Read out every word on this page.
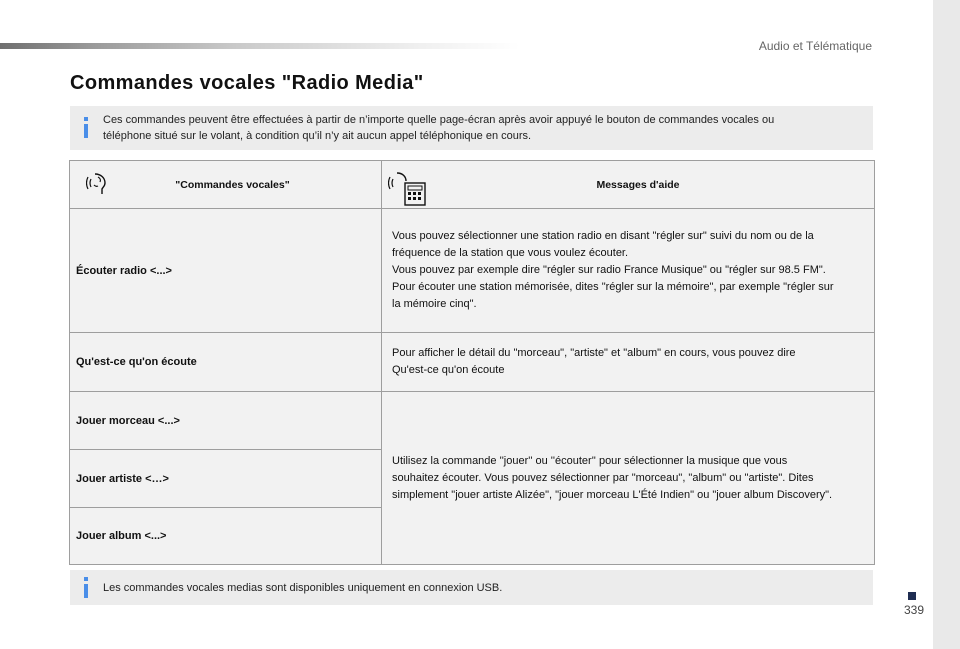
Audio et Télématique
Commandes vocales "Radio Media"
Ces commandes peuvent être effectuées à partir de n’importe quelle page-écran après avoir appuyé le bouton de commandes vocales ou
téléphone situé sur le volant, à condition qu’il n’y ait aucun appel téléphonique en cours.
"Commandes vocales"	Messages d'aide

Écouter radio <...>	Vous pouvez sélectionner une station radio en disant "régler sur" suivi du nom ou de la
fréquence de la station que vous voulez écouter.
Vous pouvez par exemple dire "régler sur radio France Musique" ou "régler sur 98.5 FM".
Pour écouter une station mémorisée, dites "régler sur la mémoire", par exemple "régler sur
la mémoire cinq".

Qu'est-ce qu'on écoute	Pour afficher le détail du "morceau", "artiste" et "album" en cours, vous pouvez dire
Qu'est-ce qu'on écoute

Jouer morceau <...>	Utilisez la commande ''jouer'' ou ''écouter'' pour sélectionner la musique que vous
souhaitez écouter. Vous pouvez sélectionner par "morceau", "album" ou "artiste". Dites
simplement "jouer artiste Alizée", "jouer morceau L'Été Indien" ou "jouer album Discovery".

Jouer artiste <…>	
Jouer album <...>	
Les commandes vocales medias sont disponibles uniquement en connexion USB.
339
